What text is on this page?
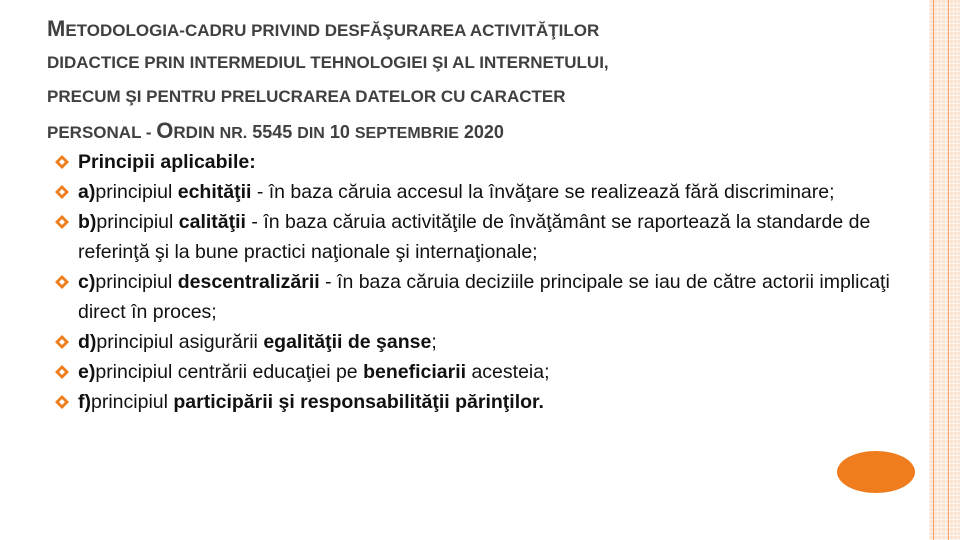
METODOLOGIA-CADRU PRIVIND DESFĂŞURAREA ACTIVITĂŢILOR
DIDACTICE PRIN INTERMEDIUL TEHNOLOGIEI ŞI AL INTERNETULUI,
PRECUM ŞI PENTRU PRELUCRAREA DATELOR CU CARACTER
PERSONAL - ORDIN NR. 5545 DIN 10 SEPTEMBRIE 2020
Principii aplicabile:
a)principiul echităţii - în baza căruia accesul la învăţare se realizează fără discriminare;
b)principiul calităţii - în baza căruia activităţile de învăţământ se raportează la standarde de referinţă şi la bune practici naţionale şi internaţionale;
c)principiul descentralizării - în baza căruia deciziile principale se iau de către actorii implicaţi direct în proces;
d)principiul asigurării egalităţii de şanse;
e)principiul centrării educaţiei pe beneficiarii acesteia;
f)principiul participării şi responsabilităţii părinţilor.
